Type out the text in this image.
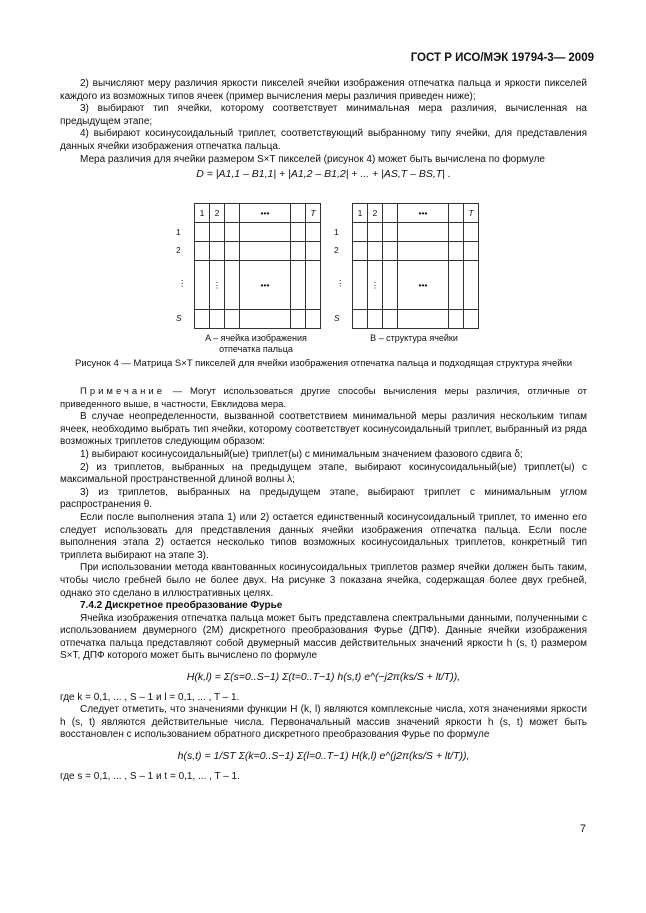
ГОСТ Р ИСО/МЭК 19794-3— 2009

2) вычисляют меру различия яркости пикселей ячейки изображения отпечатка пальца и яркости пикселей каждого из возможных типов ячеек (пример вычисления меры различия приведен ниже);

3) выбирают тип ячейки, которому соответствует минимальная мера различия, вычисленная на предыдущем этапе;

4) выбирают косинусоидальный триплет, соответствующий выбранному типу ячейки, для представления данных ячейки изображения отпечатка пальца.

Мера различия для ячейки размером S×T пикселей (рисунок 4) может быть вычислена по формуле

D = |A1,1 – B1,1| + |A1,2 – B1,2| + ... + |AS,T – BS,T| .
1	2		•••		T

	⋮		•••		

1
2
⋮
S
1	2		•••		T

	⋮		•••		

1
2
⋮
S
A – ячейка изображения отпечатка пальца
B – структура ячейки
Рисунок 4 — Матрица S×T пикселей для ячейки изображения отпечатка пальца и подходящая структура ячейки

Примечание — Могут использоваться другие способы вычисления меры различия, отличные от приведенного выше, в частности, Евклидова мера.

В случае неопределенности, вызванной соответствием минимальной меры различия нескольким типам ячеек, необходимо выбрать тип ячейки, которому соответствует косинусоидальный триплет, выбранный из ряда возможных триплетов следующим образом:

1) выбирают косинусоидальный(ые) триплет(ы) с минимальным значением фазового сдвига δ;

2) из триплетов, выбранных на предыдущем этапе, выбирают косинусоидальный(ые) триплет(ы) с максимальной пространственной длиной волны λ;

3) из триплетов, выбранных на предыдущем этапе, выбирают триплет с минимальным углом распространения θ.

Если после выполнения этапа 1) или 2) остается единственный косинусоидальный триплет, то именно его следует использовать для представления данных ячейки изображения отпечатка пальца. Если после выполнения этапа 2) остается несколько типов возможных косинусоидальных триплетов, конкретный тип триплета выбирают на этапе 3).

При использовании метода квантованных косинусоидальных триплетов размер ячейки должен быть таким, чтобы число гребней было не более двух. На рисунке 3 показана ячейка, содержащая более двух гребней, однако это сделано в иллюстративных целях.

7.4.2 Дискретное преобразование Фурье

Ячейка изображения отпечатка пальца может быть представлена спектральными данными, полученными с использованием двумерного (2М) дискретного преобразования Фурье (ДПФ). Данные ячейки изображения отпечатка пальца представляют собой двумерный массив действительных значений яркости h (s, t) размером S×T, ДПФ которого может быть вычислено по формуле

H(k,l) = Σ(s=0..S−1) Σ(t=0..T−1) h(s,t) e^(−j2π(ks/S + lt/T)),

где k = 0,1, ... , S – 1 и l = 0,1, ... , T – 1.

Следует отметить, что значениями функции H (k, l) являются комплексные числа, хотя значениями яркости h (s, t) являются действительные числа. Первоначальный массив значений яркости h (s, t) может быть восстановлен с использованием обратного дискретного преобразования Фурье по формуле

h(s,t) = 1/ST Σ(k=0..S−1) Σ(l=0..T−1) H(k,l) e^(j2π(ks/S + lt/T)),

где s = 0,1, ... , S – 1 и t = 0,1, ... , T – 1.

7
